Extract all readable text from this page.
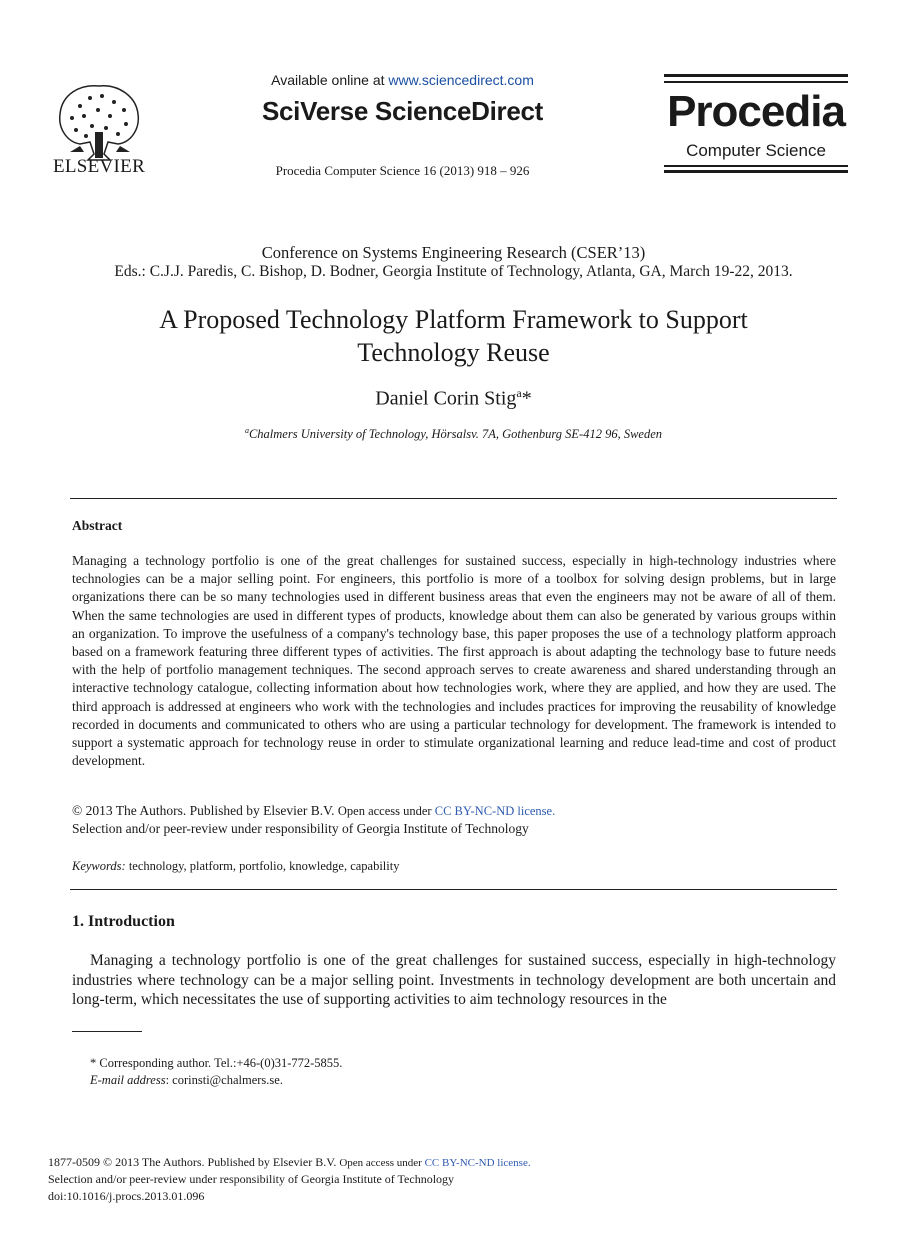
ELSEVIER
Available online at www.sciencedirect.com
SciVerse ScienceDirect
Procedia Computer Science 16 (2013) 918 – 926
Procedia
Computer Science
Conference on Systems Engineering Research (CSER’13)
Eds.: C.J.J. Paredis, C. Bishop, D. Bodner, Georgia Institute of Technology, Atlanta, GA, March 19-22, 2013.
A Proposed Technology Platform Framework to Support
Technology Reuse
Daniel Corin Stig$^a$*
$^a$Chalmers University of Technology, Hörsalsv. 7A, Gothenburg SE-412 96, Sweden
Abstract
Managing a technology portfolio is one of the great challenges for sustained success, especially in high-technology industries where technologies can be a major selling point. For engineers, this portfolio is more of a toolbox for solving design problems, but in large organizations there can be so many technologies used in different business areas that even the engineers may not be aware of all of them. When the same technologies are used in different types of products, knowledge about them can also be generated by various groups within an organization. To improve the usefulness of a company's technology base, this paper proposes the use of a technology platform approach based on a framework featuring three different types of activities. The first approach is about adapting the technology base to future needs with the help of portfolio management techniques. The second approach serves to create awareness and shared understanding through an interactive technology catalogue, collecting information about how technologies work, where they are applied, and how they are used. The third approach is addressed at engineers who work with the technologies and includes practices for improving the reusability of knowledge recorded in documents and communicated to others who are using a particular technology for development. The framework is intended to support a systematic approach for technology reuse in order to stimulate organizational learning and reduce lead-time and cost of product development.
© 2013 The Authors. Published by Elsevier B.V. Open access under CC BY-NC-ND license.
Selection and/or peer-review under responsibility of Georgia Institute of Technology
Keywords: technology, platform, portfolio, knowledge, capability
1. Introduction
Managing a technology portfolio is one of the great challenges for sustained success, especially in high-technology industries where technology can be a major selling point. Investments in technology development are both uncertain and long-term, which necessitates the use of supporting activities to aim technology resources in the
* Corresponding author. Tel.:+46-(0)31-772-5855.
E-mail address: corinsti@chalmers.se.
1877-0509 © 2013 The Authors. Published by Elsevier B.V. Open access under CC BY-NC-ND license.
Selection and/or peer-review under responsibility of Georgia Institute of Technology
doi:10.1016/j.procs.2013.01.096
